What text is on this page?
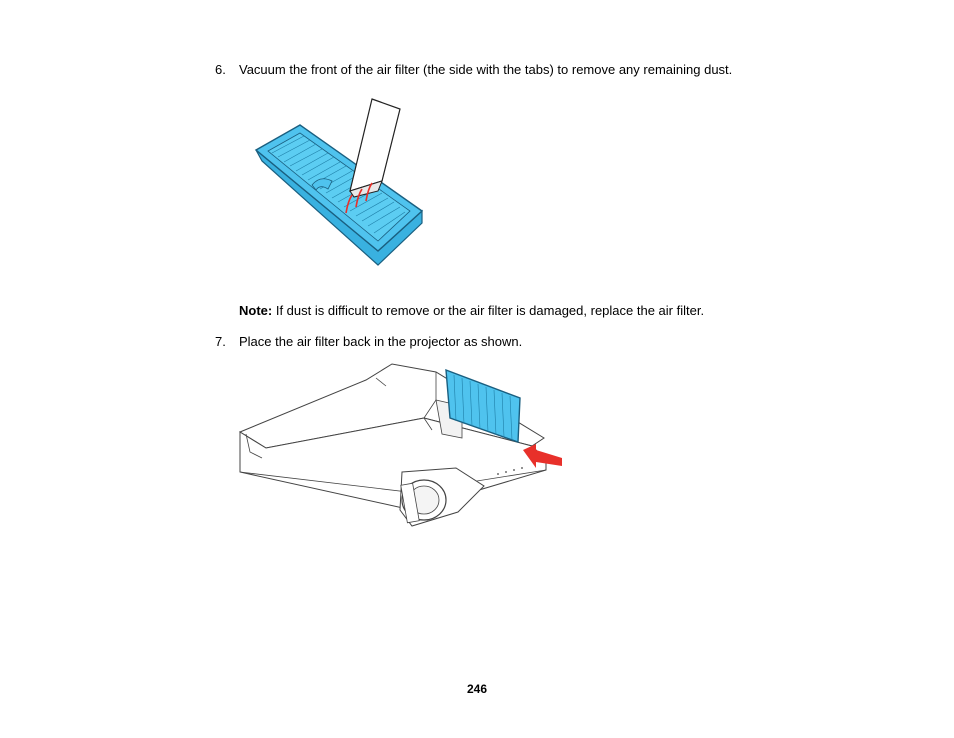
6. Vacuum the front of the air filter (the side with the tabs) to remove any remaining dust.
Note: If dust is difficult to remove or the air filter is damaged, replace the air filter.
7. Place the air filter back in the projector as shown.
246
